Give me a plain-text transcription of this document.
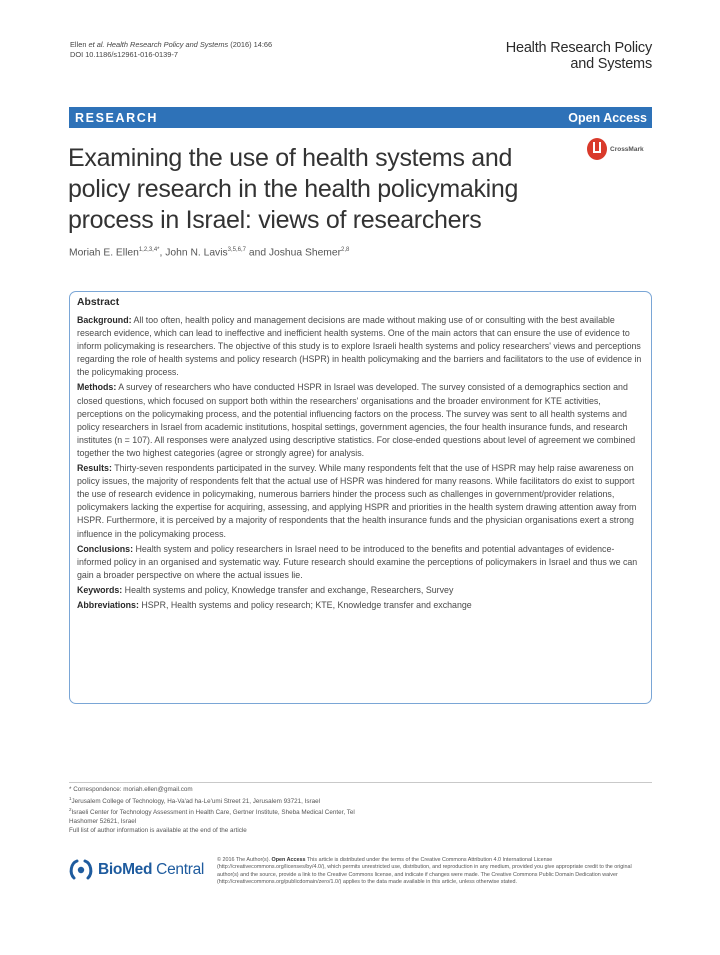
Ellen et al. Health Research Policy and Systems (2016) 14:66
DOI 10.1186/s12961-016-0139-7	Health Research Policy
and Systems
RESEARCH	Open Access
Examining the use of health systems and policy research in the health policymaking process in Israel: views of researchers
CrossMark
Moriah E. Ellen$^{1,2,3,4*}$, John N. Lavis$^{3,5,6,7}$ and Joshua Shemer$^{2,8}$
Abstract

Background: All too often, health policy and management decisions are made without making use of or consulting with the best available research evidence, which can lead to ineffective and inefficient health systems. One of the main actors that can ensure the use of evidence to inform policymaking is researchers. The objective of this study is to explore Israeli health systems and policy researchers' views and perceptions regarding the role of health systems and policy research (HSPR) in health policymaking and the barriers and facilitators to the use of evidence in the policymaking process.

Methods: A survey of researchers who have conducted HSPR in Israel was developed. The survey consisted of a demographics section and closed questions, which focused on support both within the researchers' organisations and the broader environment for KTE activities, perceptions on the policymaking process, and the potential influencing factors on the process. The survey was sent to all health systems and policy researchers in Israel from academic institutions, hospital settings, government agencies, the four health insurance funds, and research institutes (n = 107). All responses were analyzed using descriptive statistics. For close-ended questions about level of agreement we combined together the two highest categories (agree or strongly agree) for analysis.

Results: Thirty-seven respondents participated in the survey. While many respondents felt that the use of HSPR may help raise awareness on policy issues, the majority of respondents felt that the actual use of HSPR was hindered for many reasons. While facilitators do exist to support the use of research evidence in policymaking, numerous barriers hinder the process such as challenges in government/provider relations, policymakers lacking the expertise for acquiring, assessing, and applying HSPR and priorities in the health system drawing attention away from HSPR. Furthermore, it is perceived by a majority of respondents that the health insurance funds and the physician organisations exert a strong influence in the policymaking process.

Conclusions: Health system and policy researchers in Israel need to be introduced to the benefits and potential advantages of evidence-informed policy in an organised and systematic way. Future research should examine the perceptions of policymakers in Israel and thus we can gain a broader perspective on where the actual issues lie.

Keywords: Health systems and policy, Knowledge transfer and exchange, Researchers, Survey

Abbreviations: HSPR, Health systems and policy research; KTE, Knowledge transfer and exchange

* Correspondence: moriah.ellen@gmail.com
$^1$Jerusalem College of Technology, Ha-Va'ad ha-Le'umi Street 21, Jerusalem 93721, Israel
$^2$Israeli Center for Technology Assessment in Health Care, Gertner Institute, Sheba Medical Center, Tel Hashomer 52621, Israel
Full list of author information is available at the end of the article
BioMed Central
© 2016 The Author(s). Open Access This article is distributed under the terms of the Creative Commons Attribution 4.0 International License (http://creativecommons.org/licenses/by/4.0/), which permits unrestricted use, distribution, and reproduction in any medium, provided you give appropriate credit to the original author(s) and the source, provide a link to the Creative Commons license, and indicate if changes were made. The Creative Commons Public Domain Dedication waiver (http://creativecommons.org/publicdomain/zero/1.0/) applies to the data made available in this article, unless otherwise stated.
